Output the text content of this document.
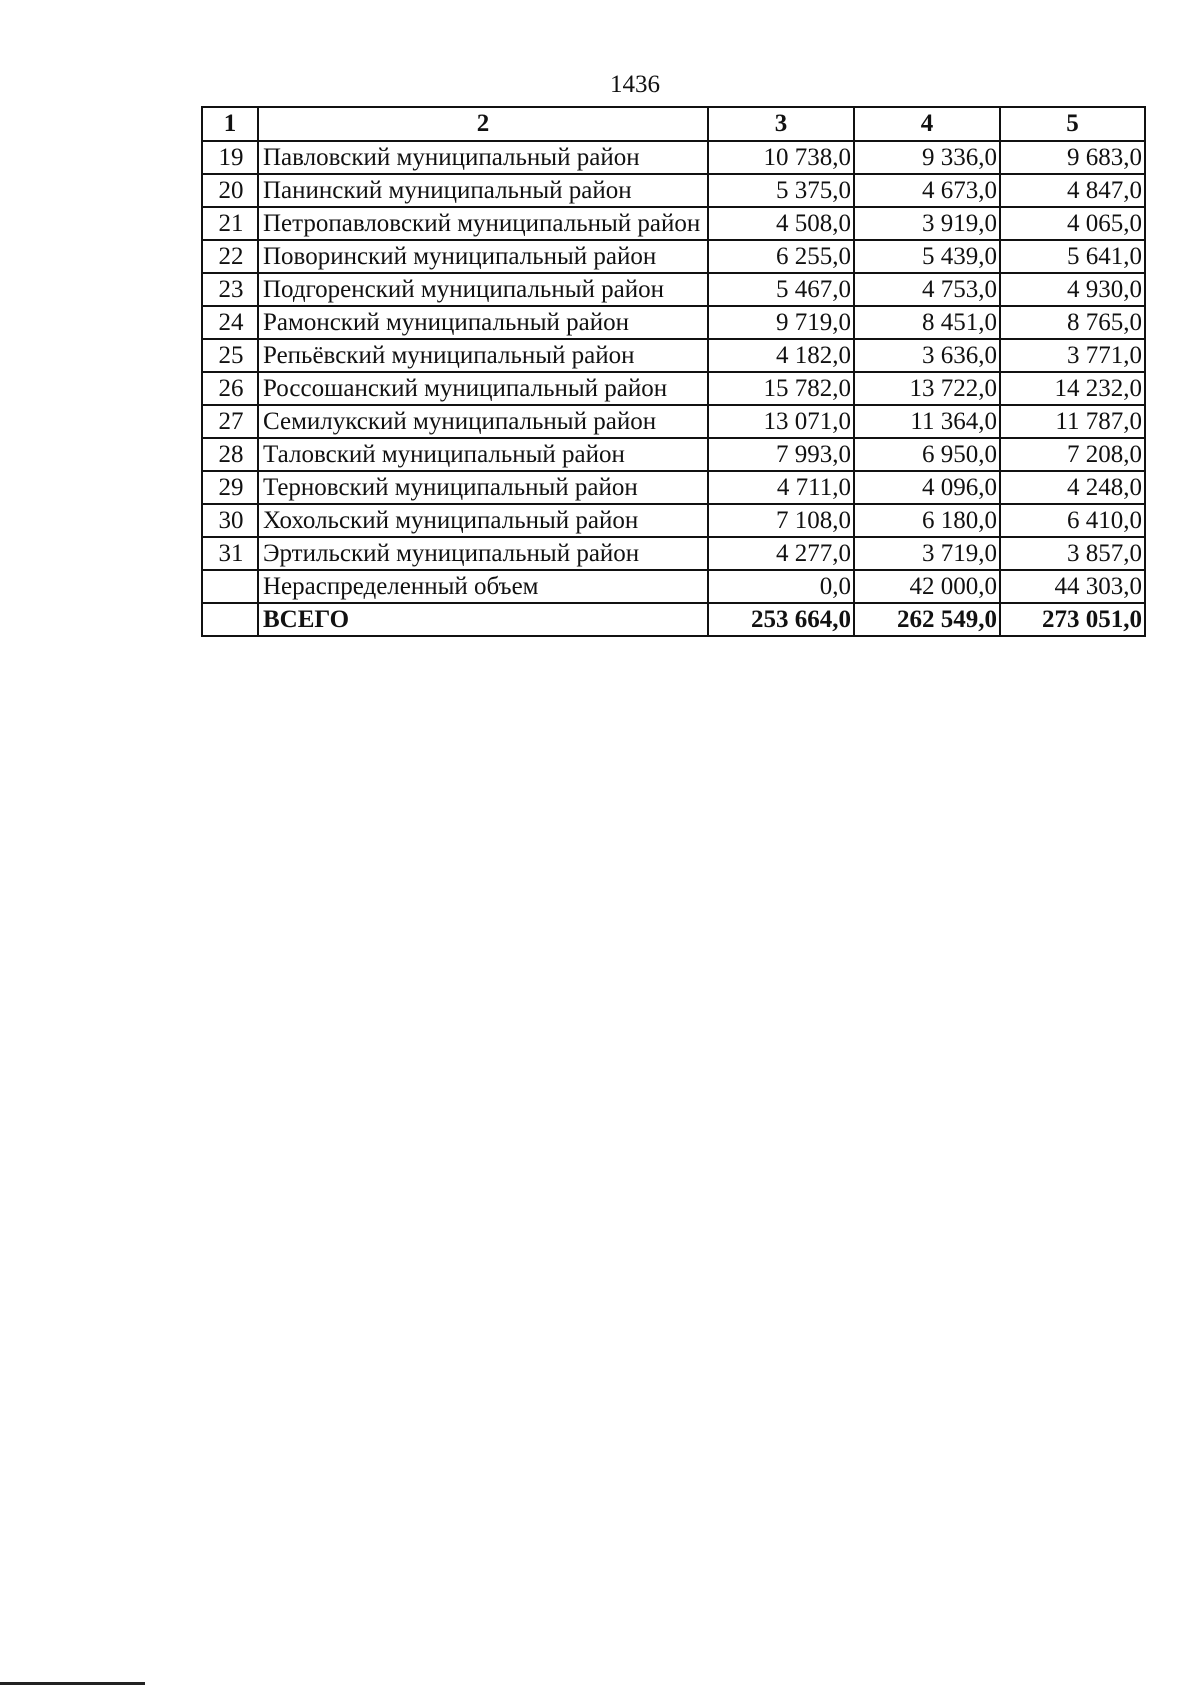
1436
1	2	3	4	5
19	Павловский муниципальный район	10 738,0	9 336,0	9 683,0
20	Панинский муниципальный район	5 375,0	4 673,0	4 847,0
21	Петропавловский муниципальный район	4 508,0	3 919,0	4 065,0
22	Поворинский муниципальный район	6 255,0	5 439,0	5 641,0
23	Подгоренский муниципальный район	5 467,0	4 753,0	4 930,0
24	Рамонский муниципальный район	9 719,0	8 451,0	8 765,0
25	Репьёвский муниципальный район	4 182,0	3 636,0	3 771,0
26	Россошанский муниципальный район	15 782,0	13 722,0	14 232,0
27	Семилукский муниципальный район	13 071,0	11 364,0	11 787,0
28	Таловский муниципальный район	7 993,0	6 950,0	7 208,0
29	Терновский муниципальный район	4 711,0	4 096,0	4 248,0
30	Хохольский муниципальный район	7 108,0	6 180,0	6 410,0
31	Эртильский муниципальный район	4 277,0	3 719,0	3 857,0
	Нераспределенный объем	0,0	42 000,0	44 303,0
	ВСЕГО	253 664,0	262 549,0	273 051,0
